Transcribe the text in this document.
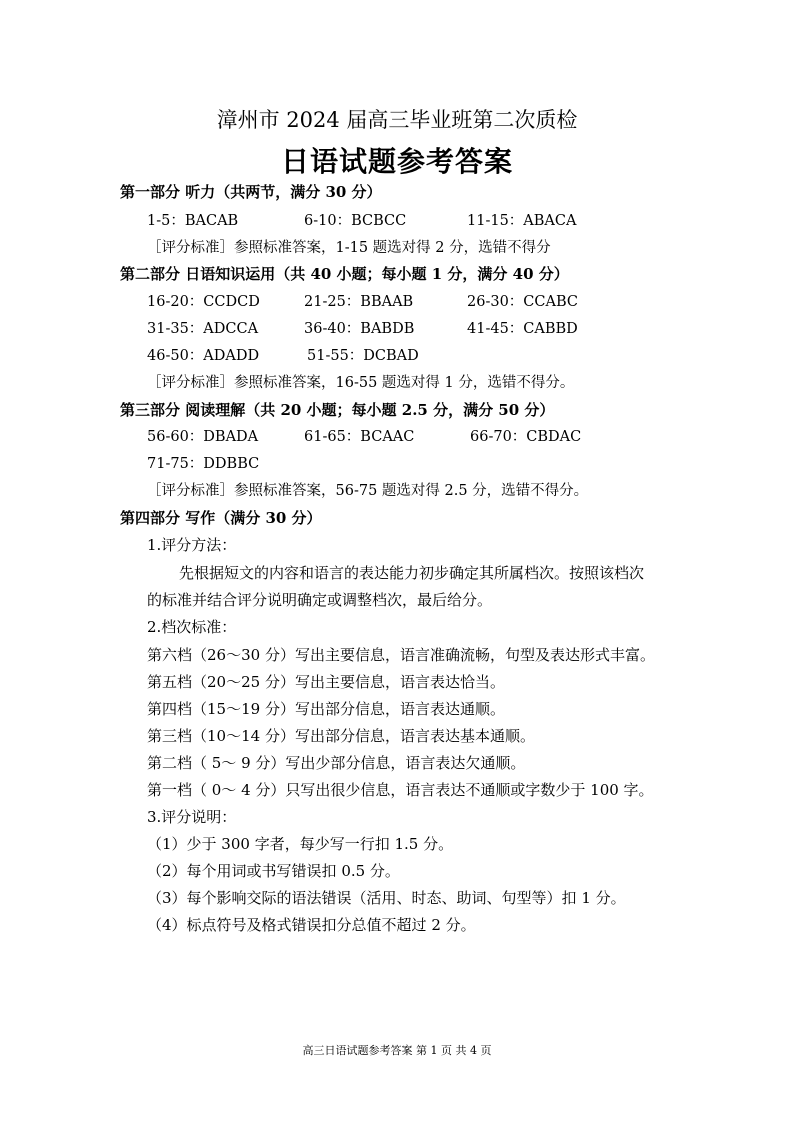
漳州市 2024 届高三毕业班第二次质检
日语试题参考答案
第一部分 听力（共两节，满分 30 分）
1-5：BACAB	6-10：BCBCC	11-15：ABACA
［评分标准］参照标准答案，1-15 题选对得 2 分，选错不得分
第二部分 日语知识运用（共 40 小题；每小题 1 分，满分 40 分）
16-20：CCDCD	21-25：BBAAB	26-30：CCABC
31-35：ADCCA	36-40：BABDB	41-45：CABBD
46-50：ADADD	51-55：DCBAD
［评分标准］参照标准答案，16-55 题选对得 1 分，选错不得分。
第三部分 阅读理解（共 20 小题；每小题 2.5 分，满分 50 分）
56-60：DBADA	61-65：BCAAC	66-70：CBDAC
71-75：DDBBC
［评分标准］参照标准答案，56-75 题选对得 2.5 分，选错不得分。
第四部分 写作（满分 30 分）
1.评分方法：
先根据短文的内容和语言的表达能力初步确定其所属档次。按照该档次
的标准并结合评分说明确定或调整档次，最后给分。
2.档次标准：
第六档（26～30 分）写出主要信息，语言准确流畅，句型及表达形式丰富。
第五档（20～25 分）写出主要信息，语言表达恰当。
第四档（15～19 分）写出部分信息，语言表达通顺。
第三档（10～14 分）写出部分信息，语言表达基本通顺。
第二档（ 5～ 9 分）写出少部分信息，语言表达欠通顺。
第一档（ 0～ 4 分）只写出很少信息，语言表达不通顺或字数少于 100 字。
3.评分说明：
（1）少于 300 字者，每少写一行扣 1.5 分。
（2）每个用词或书写错误扣 0.5 分。
（3）每个影响交际的语法错误（活用、时态、助词、句型等）扣 1 分。
（4）标点符号及格式错误扣分总值不超过 2 分。
高三日语试题参考答案 第 1 页 共 4 页
